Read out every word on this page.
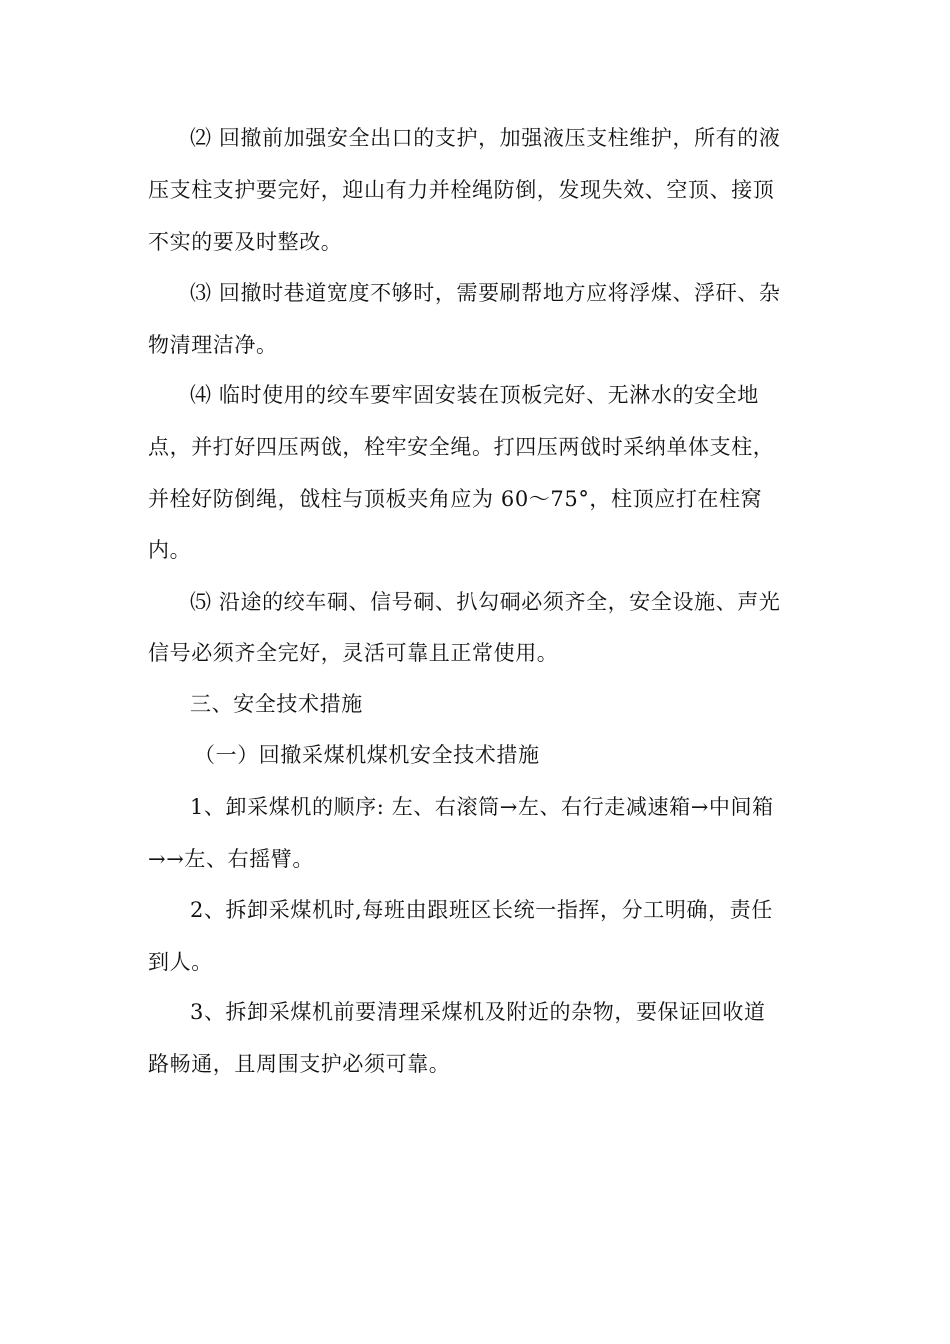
⑵ 回撤前加强安全出口的支护，加强液压支柱维护，所有的液
压支柱支护要完好，迎山有力并栓绳防倒，发现失效、空顶、接顶
不实的要及时整改。
⑶ 回撤时巷道宽度不够时，需要刷帮地方应将浮煤、浮矸、杂
物清理洁净。
⑷ 临时使用的绞车要牢固安装在顶板完好、无淋水的安全地
点，并打好四压两戗，栓牢安全绳。打四压两戗时采纳单体支柱，
并栓好防倒绳，戗柱与顶板夹角应为 60～75°，柱顶应打在柱窝
内。
⑸ 沿途的绞车硐、信号硐、扒勾硐必须齐全，安全设施、声光
信号必须齐全完好，灵活可靠且正常使用。
三、安全技术措施
（一）回撤采煤机煤机安全技术措施
1、卸采煤机的顺序: 左、右滚筒→左、右行走减速箱→中间箱
→→左、右摇臂。
2、拆卸采煤机时,每班由跟班区长统一指挥，分工明确，责任
到人。
3、拆卸采煤机前要清理采煤机及附近的杂物，要保证回收道
路畅通，且周围支护必须可靠。
